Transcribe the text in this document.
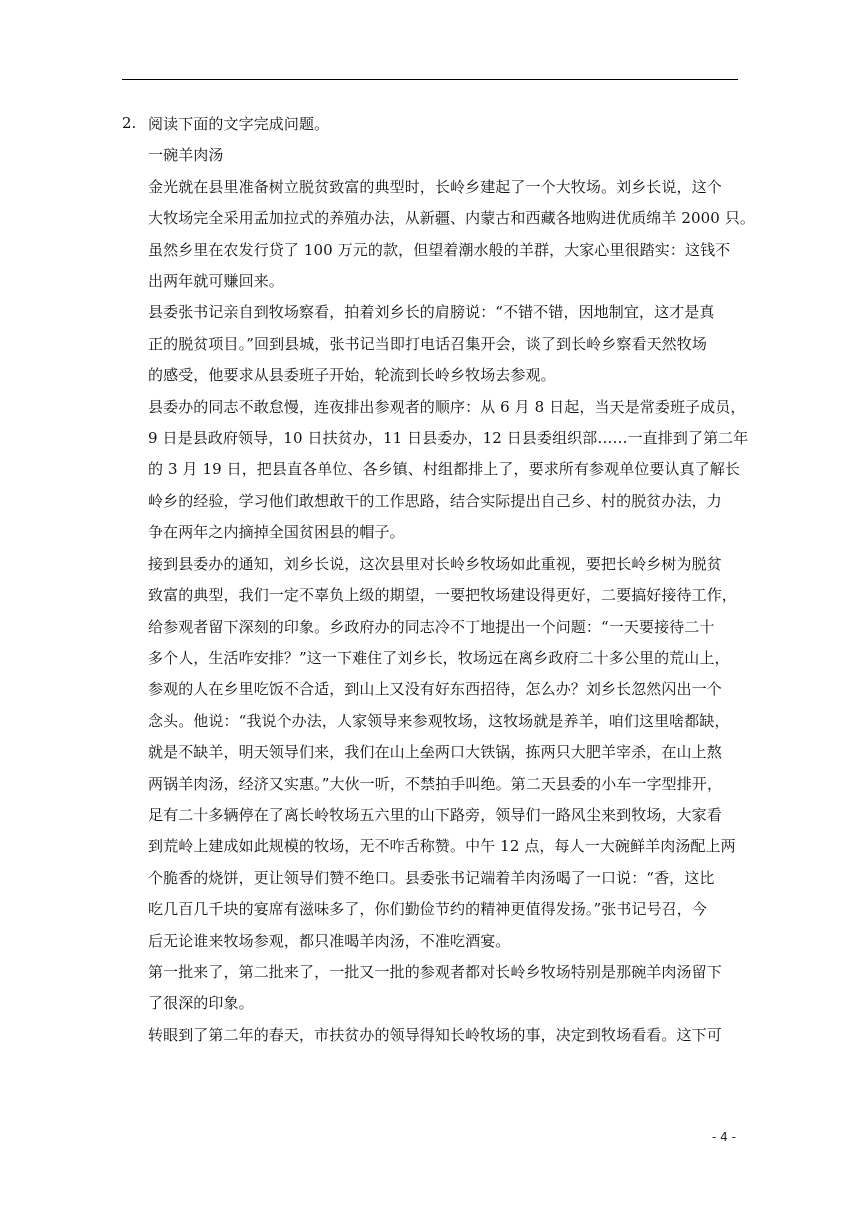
2. 阅读下面的文字完成问题。

一碗羊肉汤

金光就在县里准备树立脱贫致富的典型时，长岭乡建起了一个大牧场。刘乡长说，这个
大牧场完全采用孟加拉式的养殖办法，从新疆、内蒙古和西藏各地购进优质绵羊 2000 只。
虽然乡里在农发行贷了 100 万元的款，但望着潮水般的羊群，大家心里很踏实：这钱不
出两年就可赚回来。

县委张书记亲自到牧场察看，拍着刘乡长的肩膀说：“不错不错，因地制宜，这才是真
正的脱贫项目。”回到县城，张书记当即打电话召集开会，谈了到长岭乡察看天然牧场
的感受，他要求从县委班子开始，轮流到长岭乡牧场去参观。

县委办的同志不敢怠慢，连夜排出参观者的顺序：从 6 月 8 日起，当天是常委班子成员，
9 日是县政府领导，10 日扶贫办，11 日县委办，12 日县委组织部……一直排到了第二年
的 3 月 19 日，把县直各单位、各乡镇、村组都排上了，要求所有参观单位要认真了解长
岭乡的经验，学习他们敢想敢干的工作思路，结合实际提出自己乡、村的脱贫办法，力
争在两年之内摘掉全国贫困县的帽子。

接到县委办的通知，刘乡长说，这次县里对长岭乡牧场如此重视，要把长岭乡树为脱贫
致富的典型，我们一定不辜负上级的期望，一要把牧场建设得更好，二要搞好接待工作，
给参观者留下深刻的印象。乡政府办的同志冷不丁地提出一个问题：“一天要接待二十
多个人，生活咋安排？”这一下难住了刘乡长，牧场远在离乡政府二十多公里的荒山上，
参观的人在乡里吃饭不合适，到山上又没有好东西招待，怎么办？刘乡长忽然闪出一个
念头。他说：“我说个办法，人家领导来参观牧场，这牧场就是养羊，咱们这里啥都缺，
就是不缺羊，明天领导们来，我们在山上垒两口大铁锅，拣两只大肥羊宰杀，在山上熬
两锅羊肉汤，经济又实惠。”大伙一听，不禁拍手叫绝。第二天县委的小车一字型排开，
足有二十多辆停在了离长岭牧场五六里的山下路旁，领导们一路风尘来到牧场，大家看
到荒岭上建成如此规模的牧场，无不咋舌称赞。中午 12 点，每人一大碗鲜羊肉汤配上两
个脆香的烧饼，更让领导们赞不绝口。县委张书记端着羊肉汤喝了一口说：“香，这比
吃几百几千块的宴席有滋味多了，你们勤俭节约的精神更值得发扬。”张书记号召，今
后无论谁来牧场参观，都只准喝羊肉汤，不准吃酒宴。

第一批来了，第二批来了，一批又一批的参观者都对长岭乡牧场特别是那碗羊肉汤留下
了很深的印象。

转眼到了第二年的春天，市扶贫办的领导得知长岭牧场的事，决定到牧场看看。这下可

- 4 -
